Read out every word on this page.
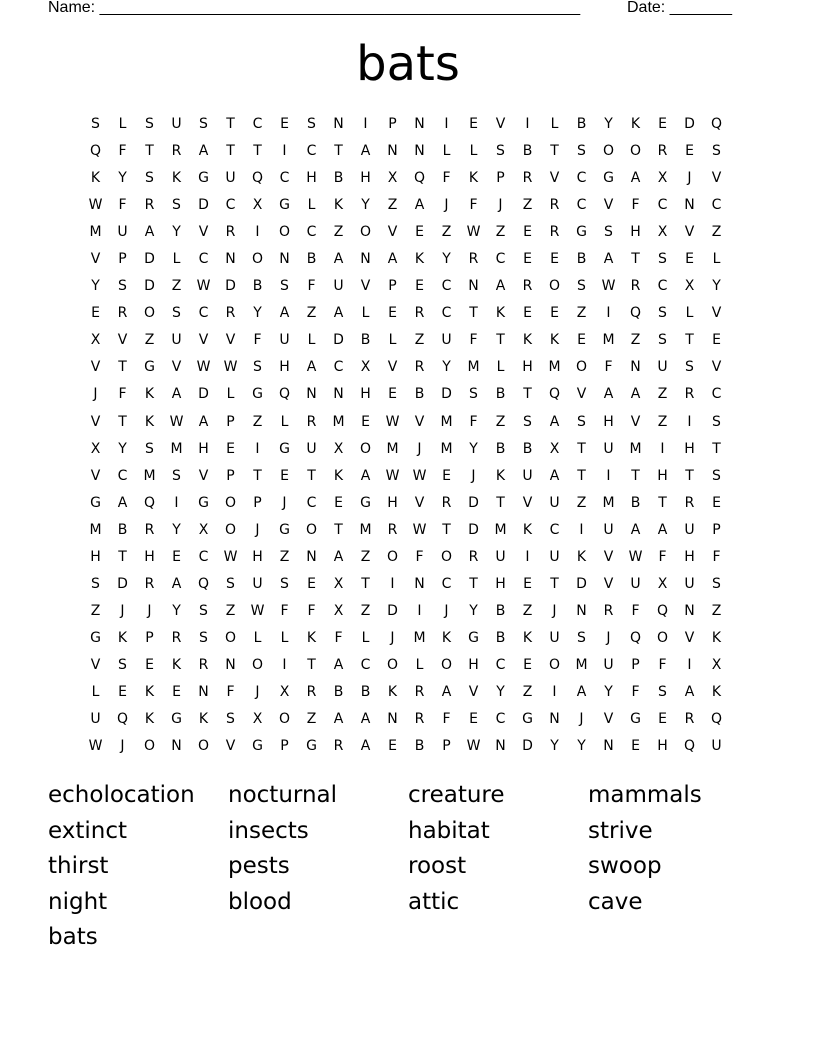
Name: ______________________________________________________

	Date: _______

bats
S	L	S	U	S	T	C	E	S	N	I	P	N	I	E	V	I	L	B	Y	K	E	D	Q
Q	F	T	R	A	T	T	I	C	T	A	N	N	L	L	S	B	T	S	O	O	R	E	S
K	Y	S	K	G	U	Q	C	H	B	H	X	Q	F	K	P	R	V	C	G	A	X	J	V
W	F	R	S	D	C	X	G	L	K	Y	Z	A	J	F	J	Z	R	C	V	F	C	N	C
M	U	A	Y	V	R	I	O	C	Z	O	V	E	Z	W	Z	E	R	G	S	H	X	V	Z
V	P	D	L	C	N	O	N	B	A	N	A	K	Y	R	C	E	E	B	A	T	S	E	L
Y	S	D	Z	W	D	B	S	F	U	V	P	E	C	N	A	R	O	S	W	R	C	X	Y
E	R	O	S	C	R	Y	A	Z	A	L	E	R	C	T	K	E	E	Z	I	Q	S	L	V
X	V	Z	U	V	V	F	U	L	D	B	L	Z	U	F	T	K	K	E	M	Z	S	T	E
V	T	G	V	W W	S	H	A	C	X	V	R	Y	M	L	H	M	O	F	N	U	S	V
J	F	K	A	D	L	G	Q	N	N	H	E	B	D	S	B	T	Q	V	A	A	Z	R	C
V	T	K	W	A	P	Z	L	R	M	E	W	V	M	F	Z	S	A	S	H	V	Z	I	S
X	Y	S	M	H	E	I	G	U	X	O	M	J	M	Y	B	B	X	T	U	M	I	H	T
V	C	M	S	V	P	T	E	T	K	A	W W	E	J	K	U	A	T	I	T	H	T	S
G	A	Q	I	G	O	P	J	C	E	G	H	V	R	D	T	V	U	Z	M	B	T	R	E
M	B	R	Y	X	O	J	G	O	T	M	R	W	T	D	M	K	C	I	U	A	A	U	P
H	T	H	E	C	W	H	Z	N	A	Z	O	F	O	R	U	I	U	K	V	W	F	H	F
S	D	R	A	Q	S	U	S	E	X	T	I	N	C	T	H	E	T	D	V	U	X	U	S
Z	J	J	Y	S	Z	W	F	F	X	Z	D	I	J	Y	B	Z	J	N	R	F	Q	N	Z
G	K	P	R	S	O	L	L	K	F	L	J	M	K	G	B	K	U	S	J	Q	O	V	K
V	S	E	K	R	N	O	I	T	A	C	O	L	O	H	C	E	O	M	U	P	F	I	X
L	E	K	E	N	F	J	X	R	B	B	K	R	A	V	Y	Z	I	A	Y	F	S	A	K
U	Q	K	G	K	S	X	O	Z	A	A	N	R	F	E	C	G	N	J	V	G	E	R	Q
W	J	O	N	O	V	G	P	G	R	A	E	B	P	W	N	D	Y	Y	N	E	H	Q	U
echolocation	nocturnal	creature	mammals
extinct	insects	habitat	strive
thirst	pests	roost	swoop
night	blood	attic	cave
bats
